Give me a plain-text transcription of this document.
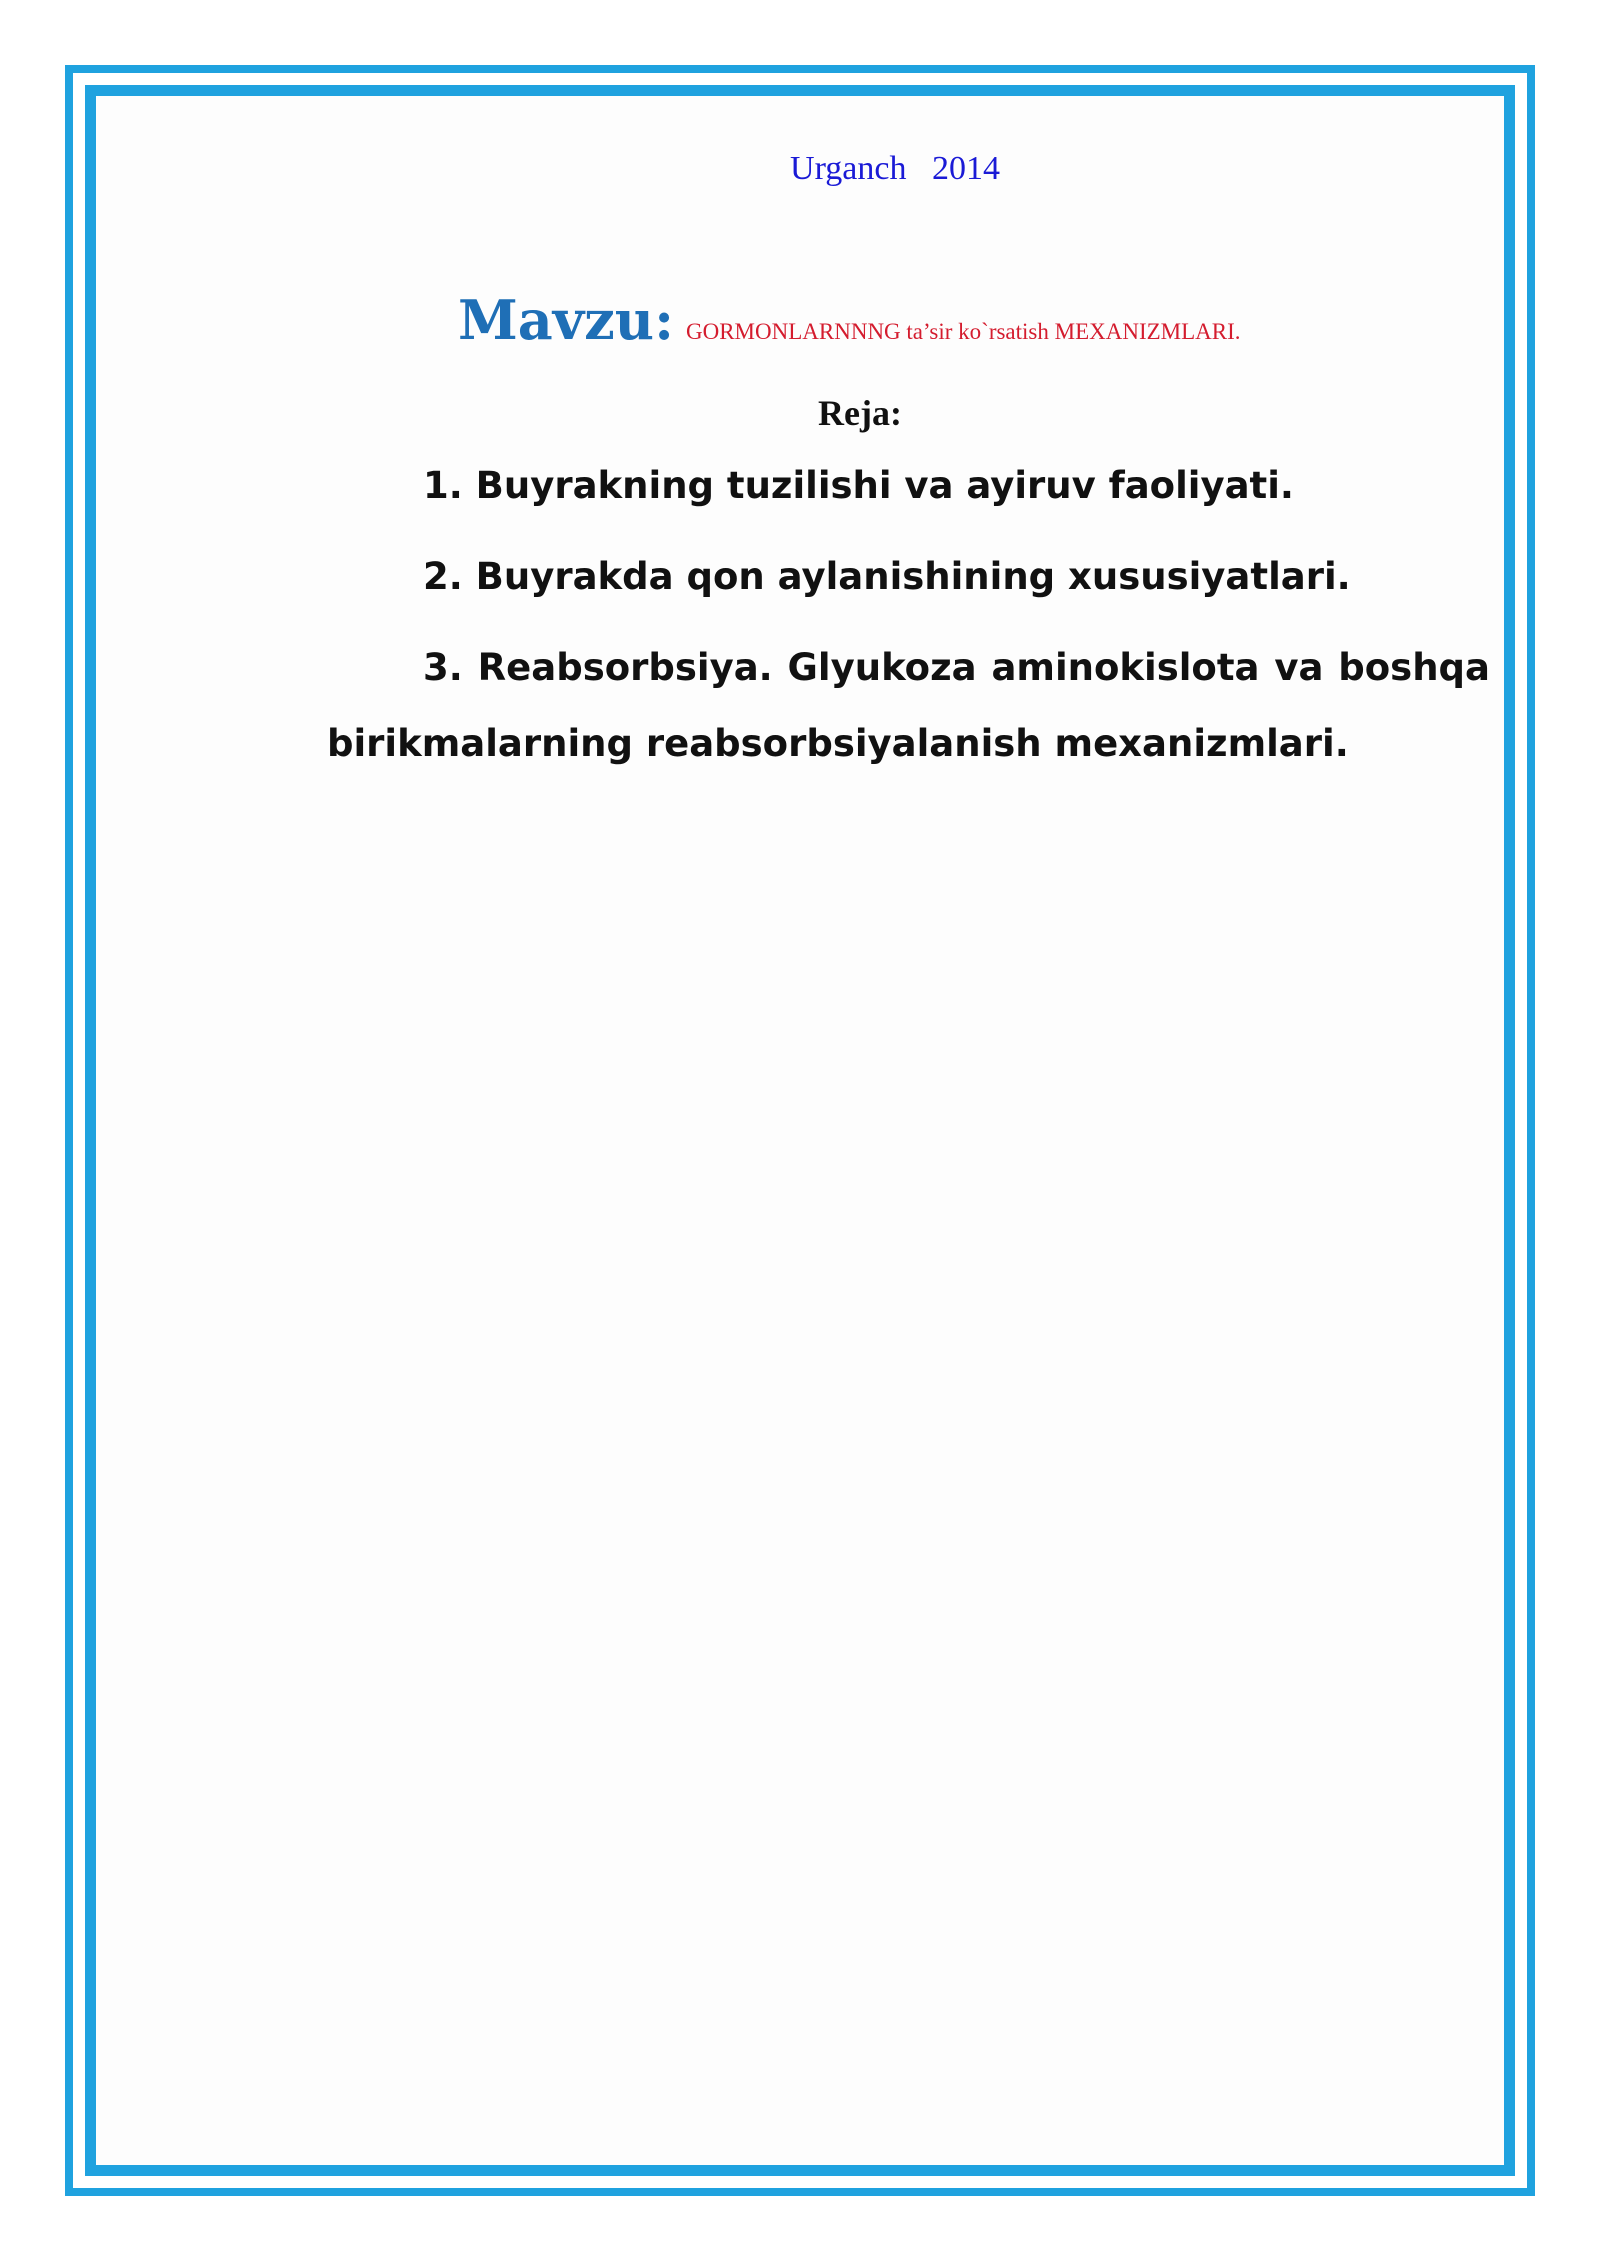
Urganch   2014
Mavzu: GORMONLARNNNG ta’sir ko`rsatish MEXANIZMLARI.
Reja:
1. Buyrakning tuzilishi va ayiruv faoliyati.
2. Buyrakda qon aylanishining xususiyatlari.
3. Reabsorbsiya. Glyukoza aminokislota va boshqa birikmalarning reabsorbsiyalanish mexanizmlari.
